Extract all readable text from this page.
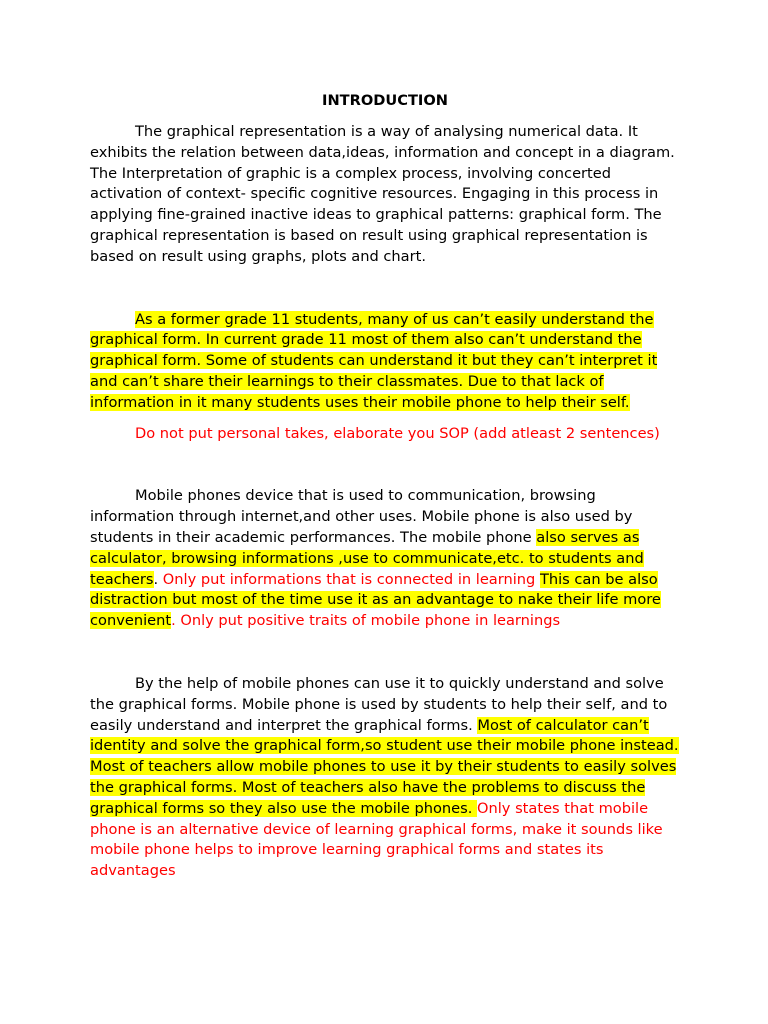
INTRODUCTION

The graphical representation is a way of analysing numerical data. It exhibits the relation between data,ideas, information and concept in a diagram. The Interpretation of graphic is a complex process, involving concerted activation of context- specific cognitive resources. Engaging in this process in applying fine-grained inactive ideas to graphical patterns: graphical form. The graphical representation is based on result using graphical representation is based on result using graphs, plots and chart.

As a former grade 11 students, many of us can’t easily understand the graphical form. In current grade 11 most of them also can’t understand the graphical form. Some of students can understand it but they can’t interpret it and can’t share their learnings to their classmates. Due to that lack of information in it many students uses their mobile phone to help their self.

Do not put personal takes, elaborate you SOP (add atleast 2 sentences)

Mobile phones device that is used to communication, browsing information through internet,and other uses. Mobile phone is also used by students in their academic performances. The mobile phone also serves as calculator, browsing informations ,use to communicate,etc. to students and teachers. Only put informations that is connected in learning This can be also distraction but most of the time use it as an advantage to nake their life more convenient. Only put positive traits of mobile phone in learnings

By the help of mobile phones can use it to quickly understand and solve the graphical forms. Mobile phone is used by students to help their self, and to easily understand and interpret the graphical forms. Most of calculator can’t identity and solve the graphical form,so student use their mobile phone instead. Most of teachers allow mobile phones to use it by their students to easily solves the graphical forms. Most of teachers also have the problems to discuss the graphical forms so they also use the mobile phones. Only states that mobile phone is an alternative device of learning graphical forms, make it sounds like mobile phone helps to improve learning graphical forms and states its advantages
